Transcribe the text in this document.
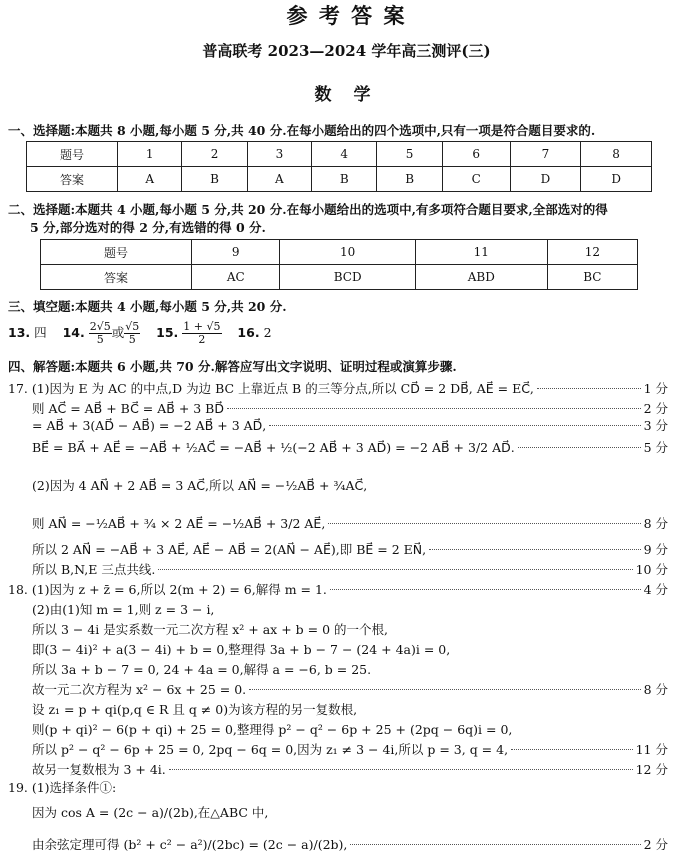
参 考 答 案
普高联考 2023—2024 学年高三测评(三)
数 学
一、选择题:本题共 8 小题,每小题 5 分,共 40 分.在每小题给出的四个选项中,只有一项是符合题目要求的.
题号	1	2	3	4	5	6	7	8
答案	A	B	A	B	B	C	D	D
二、选择题:本题共 4 小题,每小题 5 分,共 20 分.在每小题给出的选项中,有多项符合题目要求,全部选对的得
5 分,部分选对的得 2 分,有选错的得 0 分.
题号	9	10	11	12
答案	AC	BCD	ABD	BC
三、填空题:本题共 4 小题,每小题 5 分,共 20 分.
13. 四 14. $\frac{2√5}{5}$ 或 $\frac{√5}{5} 15$. $\frac{1 + √5}{2} 16$. 2
四、解答题:本题共 6 小题,共 70 分.解答应写出文字说明、证明过程或演算步骤.
17. (1)因为 E 为 AC 的中点,D 为边 BC 上靠近点 B 的三等分点,所以 CD⃗ = 2 DB⃗, AE⃗ = EC⃗,	1 分
则 AC⃗ = AB⃗ + BC⃗ = AB⃗ + 3 BD⃗	2 分
= AB⃗ + 3(AD⃗ − AB⃗) = −2 AB⃗ + 3 AD⃗,	3 分
BE⃗ = BA⃗ + AE⃗ = −AB⃗ + ½AC⃗ = −AB⃗ + ½(−2 AB⃗ + 3 AD⃗) = −2 AB⃗ + 3/2 AD⃗.	5 分
(2)因为 4 AN⃗ + 2 AB⃗ = 3 AC⃗,所以 AN⃗ = −½AB⃗ + ¾AC⃗,
则 AN⃗ = −½AB⃗ + ¾ × 2 AE⃗ = −½AB⃗ + 3/2 AE⃗,	8 分
所以 2 AN⃗ = −AB⃗ + 3 AE⃗, AE⃗ − AB⃗ = 2(AN⃗ − AE⃗),即 BE⃗ = 2 EN⃗,	9 分
所以 B,N,E 三点共线.	10 分
18. (1)因为 z + z̄ = 6,所以 2(m + 2) = 6,解得 m = 1.	4 分
(2)由(1)知 m = 1,则 z = 3 − i,
所以 3 − 4i 是实系数一元二次方程 x² + ax + b = 0 的一个根,
即(3 − 4i)² + a(3 − 4i) + b = 0,整理得 3a + b − 7 − (24 + 4a)i = 0,
所以 3a + b − 7 = 0, 24 + 4a = 0,解得 a = −6, b = 25.
故一元二次方程为 x² − 6x + 25 = 0.	8 分
设 z₁ = p + qi(p,q ∈ R 且 q ≠ 0)为该方程的另一复数根,
则(p + qi)² − 6(p + qi) + 25 = 0,整理得 p² − q² − 6p + 25 + (2pq − 6q)i = 0,
所以 p² − q² − 6p + 25 = 0, 2pq − 6q = 0,因为 z₁ ≠ 3 − 4i,所以 p = 3, q = 4,	11 分
故另一复数根为 3 + 4i.	12 分
19. (1)选择条件①:
因为 cos A = (2c − a)/(2b),在△ABC 中,
由余弦定理可得 (b² + c² − a²)/(2bc) = (2c − a)/(2b),	2 分
